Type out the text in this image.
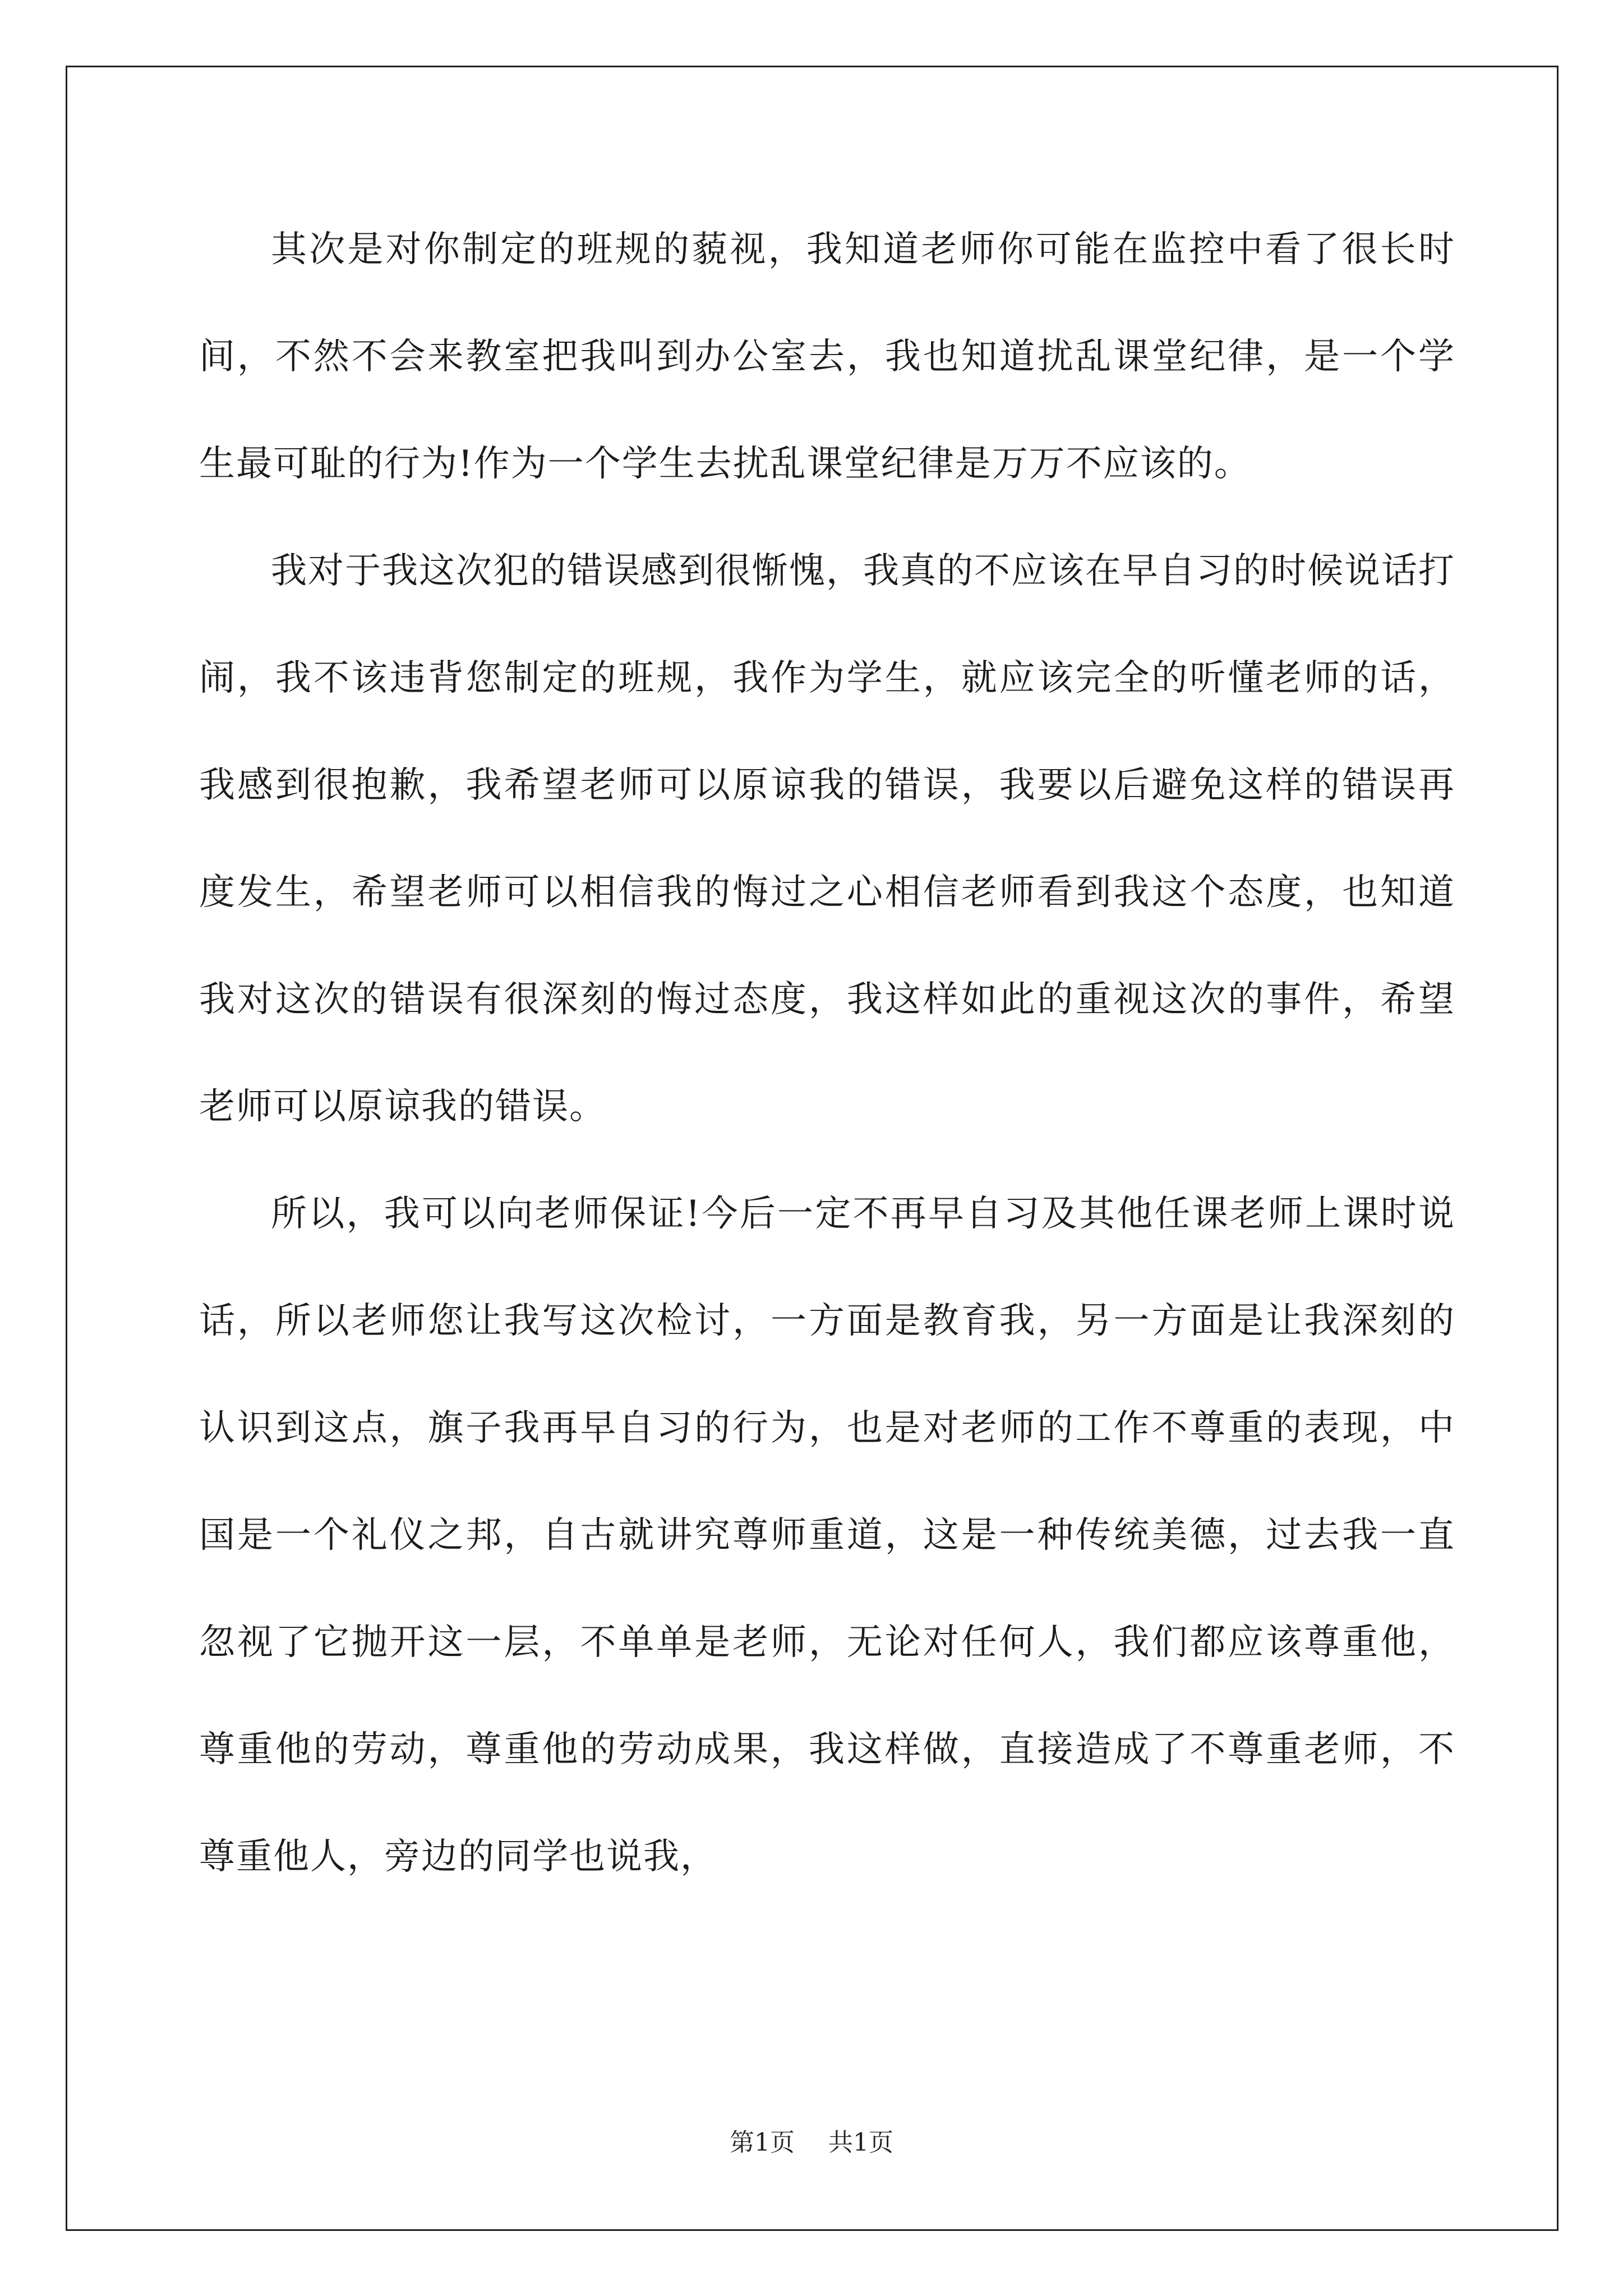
其次是对你制定的班规的藐视，我知道老师你可能在监控中看了很长时间，不然不会来教室把我叫到办公室去，我也知道扰乱课堂纪律，是一个学生最可耻的行为!作为一个学生去扰乱课堂纪律是万万不应该的。

我对于我这次犯的错误感到很惭愧，我真的不应该在早自习的时候说话打闹，我不该违背您制定的班规，我作为学生，就应该完全的听懂老师的话，我感到很抱歉，我希望老师可以原谅我的错误，我要以后避免这样的错误再度发生，希望老师可以相信我的悔过之心相信老师看到我这个态度，也知道我对这次的错误有很深刻的悔过态度，我这样如此的重视这次的事件，希望老师可以原谅我的错误。

所以，我可以向老师保证!今后一定不再早自习及其他任课老师上课时说话，所以老师您让我写这次检讨，一方面是教育我，另一方面是让我深刻的认识到这点，旗子我再早自习的行为，也是对老师的工作不尊重的表现，中国是一个礼仪之邦，自古就讲究尊师重道，这是一种传统美德，过去我一直忽视了它抛开这一层，不单单是老师，无论对任何人，我们都应该尊重他，尊重他的劳动，尊重他的劳动成果，我这样做，直接造成了不尊重老师，不尊重他人，旁边的同学也说我，

第1页 共1页
